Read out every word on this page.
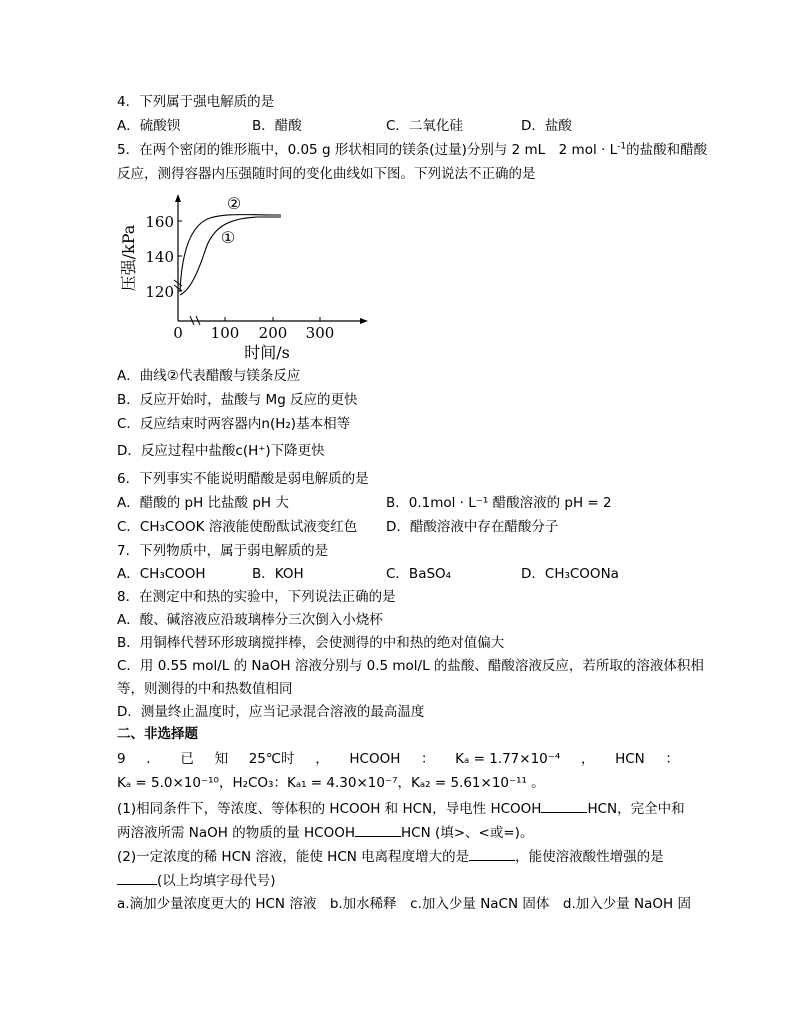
4．下列属于强电解质的是
A．硫酸钡	B．醋酸	C．二氧化硅	D．盐酸
5．在两个密闭的锥形瓶中，0.05 g 形状相同的镁条(过量)分别与 2 mL　2 mol · $L^{-1}$的盐酸和醋酸
反应，测得容器内压强随时间的变化曲线如下图。下列说法不正确的是
160
140
120
0 100 200 300
时间/s
压强/kPa
②
①
A．曲线②代表醋酸与镁条反应
B．反应开始时，盐酸与 Mg 反应的更快
C．反应结束时两容器内n(H₂)基本相等
D．反应过程中盐酸c(H⁺)下降更快
6．下列事实不能说明醋酸是弱电解质的是
A．醋酸的 pH 比盐酸 pH 大	B．0.1mol · L⁻¹ 醋酸溶液的 pH = 2
C．CH₃COOK 溶液能使酚酞试液变红色 D．醋酸溶液中存在醋酸分子
7．下列物质中，属于弱电解质的是
A．CH₃COOH	B．KOH	C．BaSO₄	D．CH₃COONa
8．在测定中和热的实验中，下列说法正确的是
A．酸、碱溶液应沿玻璃棒分三次倒入小烧杯
B．用铜棒代替环形玻璃搅拌棒，会使测得的中和热的绝对值偏大
C．用 0.55 mol/L 的 NaOH 溶液分别与 0.5 mol/L 的盐酸、醋酸溶液反应，若所取的溶液体积相
等，则测得的中和热数值相同
D．测量终止温度时，应当记录混合溶液的最高温度
二、非选择题
9 ． 已 知 25℃时 ， HCOOH ： Kₐ = 1.77×10⁻⁴ ， HCN ：
Kₐ = 5.0×10⁻¹⁰，H₂CO₃：Kₐ₁ = 4.30×10⁻⁷，Kₐ₂ = 5.61×10⁻¹¹ 。
(1)相同条件下，等浓度、等体积的 HCOOH 和 HCN，导电性 HCOOH	HCN，完全中和
两溶液所需 NaOH 的物质的量 HCOOH	HCN (填>、<或=)。
(2)一定浓度的稀 HCN 溶液，能使 HCN 电离程度增大的是	，能使溶液酸性增强的是
(以上均填字母代号)
a.滴加少量浓度更大的 HCN 溶液　b.加水稀释　c.加入少量 NaCN 固体　d.加入少量 NaOH 固
